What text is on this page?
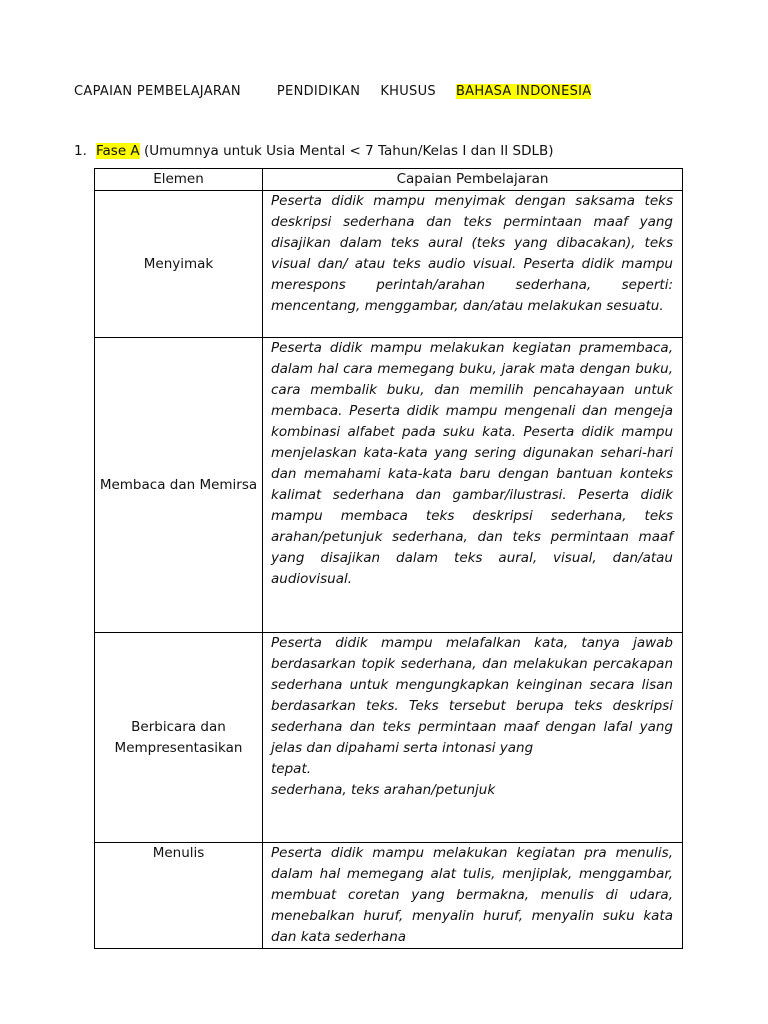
CAPAIAN PEMBELAJARAN	PENDIDIKAN KHUSUS BAHASA INDONESIA
1. Fase A (Umumnya untuk Usia Mental < 7 Tahun/Kelas I dan II SDLB)
Elemen	Capaian Pembelajaran
Menyimak	Peserta didik mampu menyimak dengan saksama teks deskripsi sederhana dan teks permintaan maaf yang disajikan dalam teks aural (teks yang dibacakan), teks visual dan/ atau teks audio visual. Peserta didik mampu merespons perintah/arahan sederhana, seperti: mencentang, menggambar, dan/atau melakukan sesuatu.
Membaca dan Memirsa	Peserta didik mampu melakukan kegiatan pramembaca, dalam hal cara memegang buku, jarak mata dengan buku, cara membalik buku, dan memilih pencahayaan untuk membaca. Peserta didik mampu mengenali dan mengeja kombinasi alfabet pada suku kata. Peserta didik mampu menjelaskan kata-kata yang sering digunakan sehari-hari dan memahami kata-kata baru dengan bantuan konteks kalimat sederhana dan gambar/ilustrasi. Peserta didik mampu membaca teks deskripsi sederhana, teks arahan/petunjuk sederhana, dan teks permintaan maaf yang disajikan dalam teks aural, visual, dan/atau audiovisual.
Berbicara dan Mempresentasikan	Peserta didik mampu melafalkan kata, tanya jawab berdasarkan topik sederhana, dan melakukan percakapan sederhana untuk mengungkapkan keinginan secara lisan berdasarkan teks. Teks tersebut berupa teks deskripsi sederhana dan teks permintaan maaf dengan lafal yang jelas dan dipahami serta intonasi yang
tepat.
sederhana, teks arahan/petunjuk
Menulis	Peserta didik mampu melakukan kegiatan pra menulis, dalam hal memegang alat tulis, menjiplak, menggambar, membuat coretan yang bermakna, menulis di udara, menebalkan huruf, menyalin huruf, menyalin suku kata dan kata sederhana
